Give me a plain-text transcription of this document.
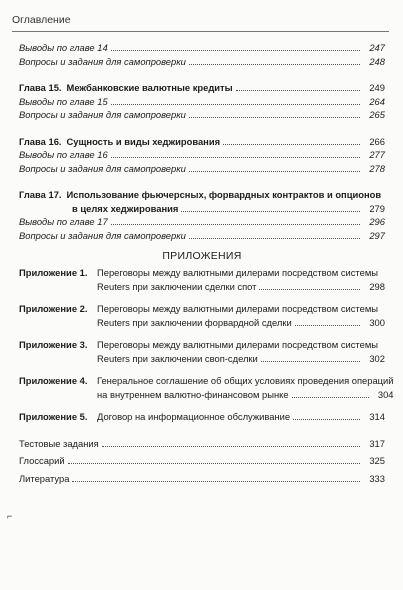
Оглавление
Выводы по главе 14	247
Вопросы и задания для самопроверки	248
Глава 15. Межбанковские валютные кредиты	249
Выводы по главе 15	264
Вопросы и задания для самопроверки	265
Глава 16. Сущность и виды хеджирования	266
Выводы по главе 16	277
Вопросы и задания для самопроверки	278
Глава 17. Использование фьючерсных, форвардных контрактов и опционов
в целях хеджирования	279
Выводы по главе 17	296
Вопросы и задания для самопроверки	297
ПРИЛОЖЕНИЯ
Приложение 1.	Переговоры между валютными дилерами посредством системы
Reuters при заключении сделки спот	298
Приложение 2.	Переговоры между валютными дилерами посредством системы
Reuters при заключении форвардной сделки	300
Приложение 3.	Переговоры между валютными дилерами посредством системы
Reuters при заключении своп-сделки	302
Приложение 4.	Генеральное соглашение об общих условиях проведения операций
на внутреннем валютно-финансовом рынке	304
Приложение 5.	Договор на информационное обслуживание	314
Тестовые задания	317
Глоссарий	325
Литература	333
⌐
